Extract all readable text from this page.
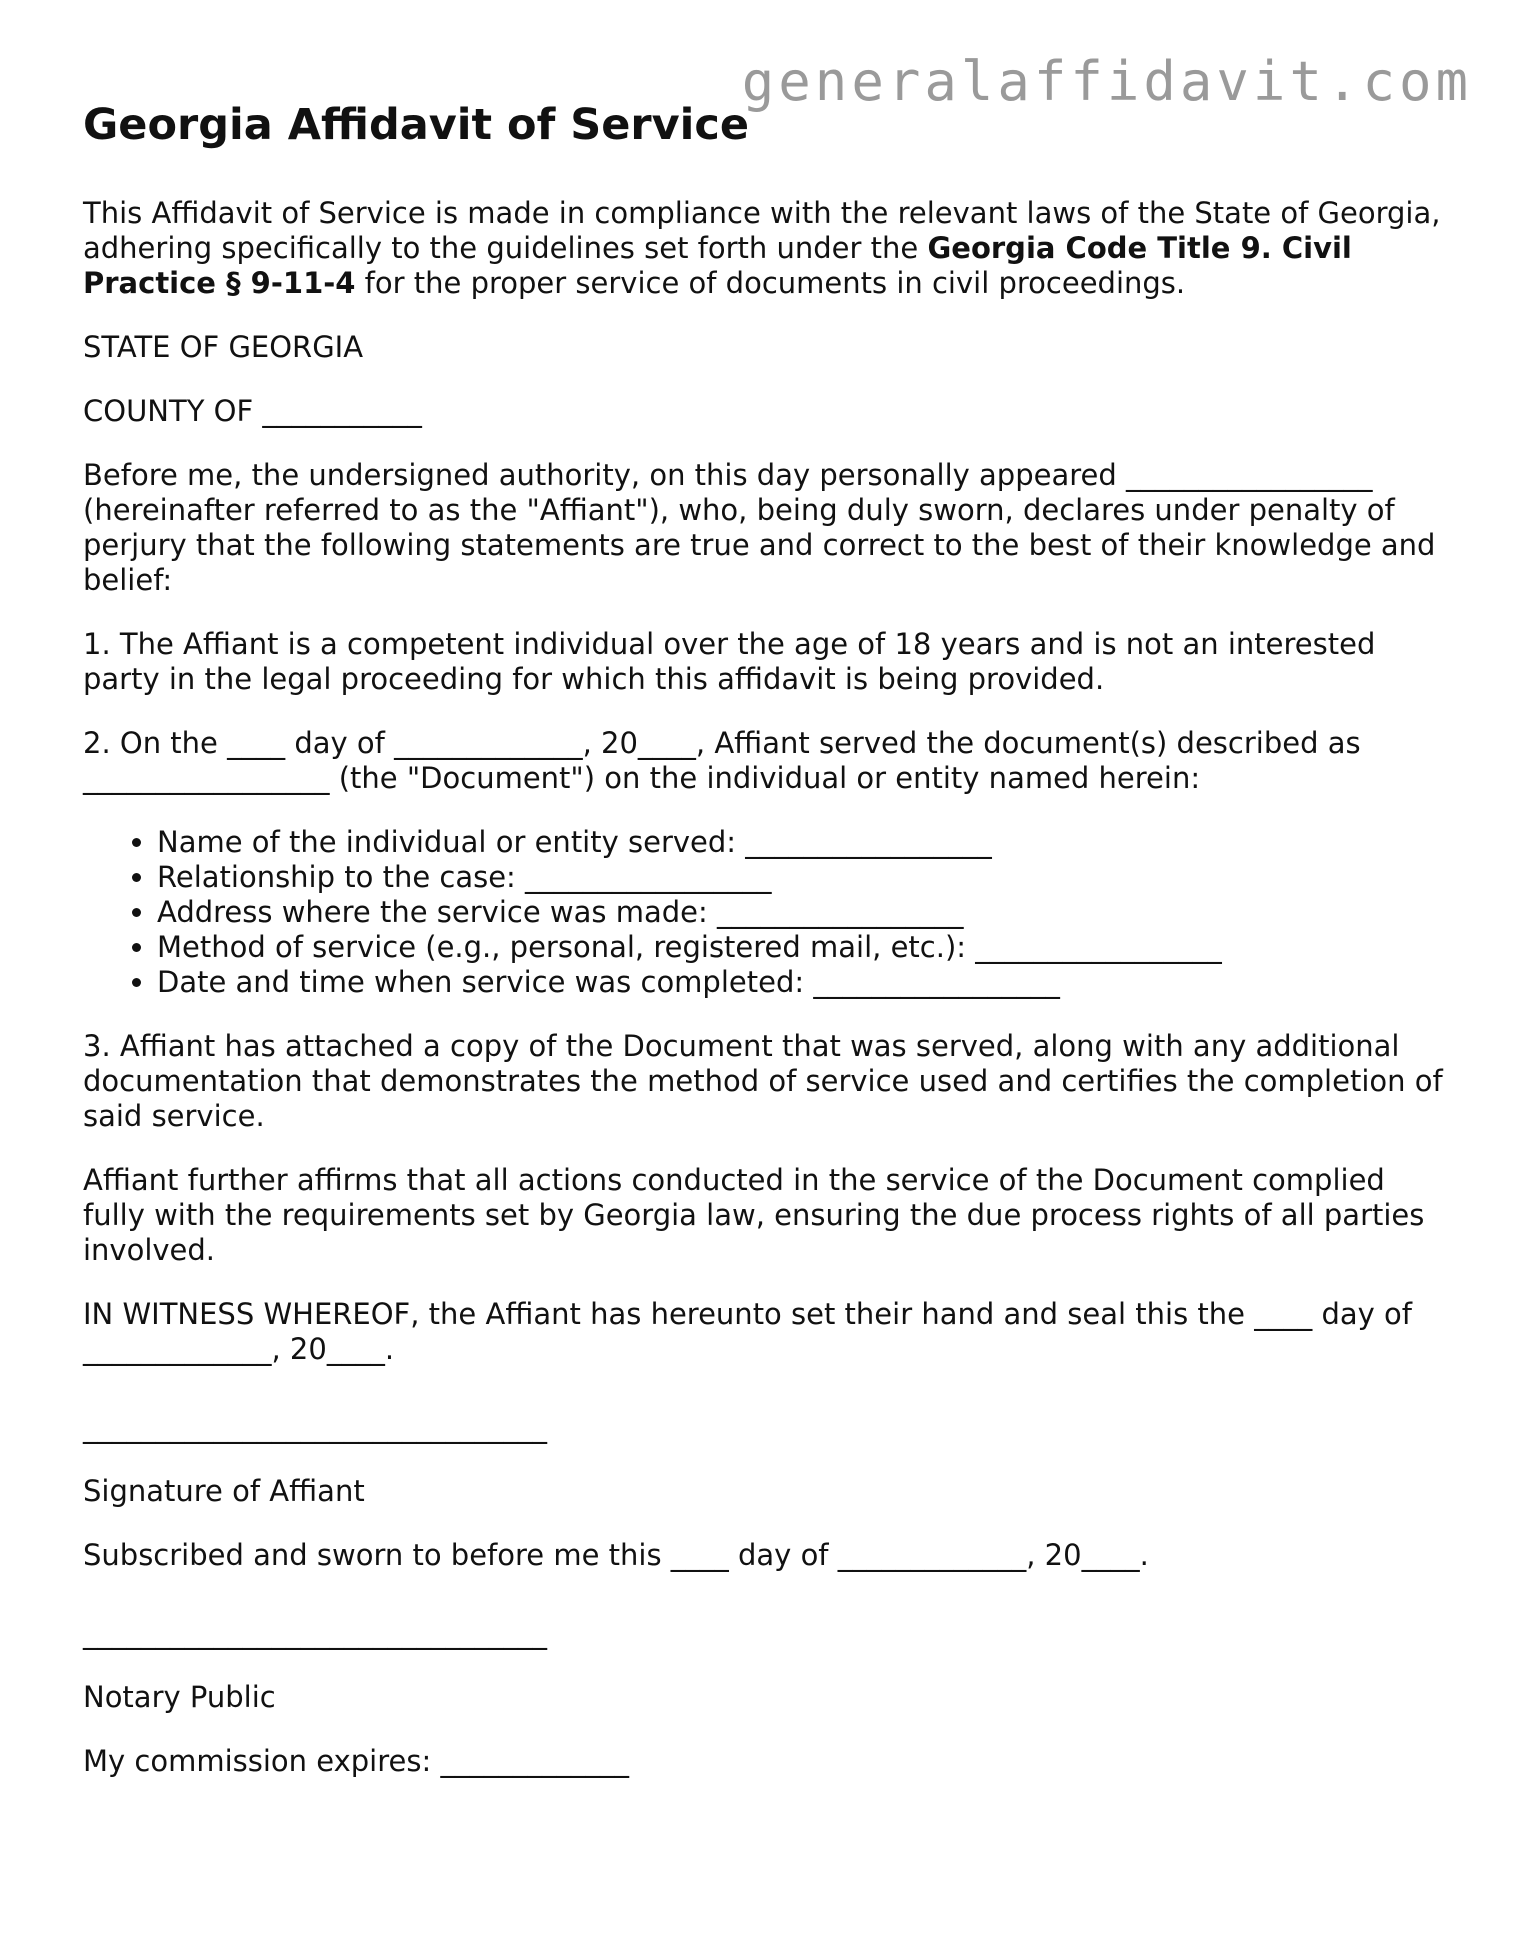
generalaffidavit.com
Georgia Affidavit of Service

This Affidavit of Service is made in compliance with the relevant laws of the State of Georgia, adhering specifically to the guidelines set forth under the Georgia Code Title 9. Civil Practice § 9-11-4 for the proper service of documents in civil proceedings.

STATE OF GEORGIA

COUNTY OF ___________

Before me, the undersigned authority, on this day personally appeared _________________ (hereinafter referred to as the "Affiant"), who, being duly sworn, declares under penalty of perjury that the following statements are true and correct to the best of their knowledge and belief:

1. The Affiant is a competent individual over the age of 18 years and is not an interested party in the legal proceeding for which this affidavit is being provided.

2. On the ____ day of _____________, 20____, Affiant served the document(s) described as _________________ (the "Document") on the individual or entity named herein:

• Name of the individual or entity served: _________________
• Relationship to the case: _________________
• Address where the service was made: _________________
• Method of service (e.g., personal, registered mail, etc.): _________________
• Date and time when service was completed: _________________

3. Affiant has attached a copy of the Document that was served, along with any additional documentation that demonstrates the method of service used and certifies the completion of said service.

Affiant further affirms that all actions conducted in the service of the Document complied fully with the requirements set by Georgia law, ensuring the due process rights of all parties involved.

IN WITNESS WHEREOF, the Affiant has hereunto set their hand and seal this the ____ day of _____________, 20____.

________________________________

Signature of Affiant

Subscribed and sworn to before me this ____ day of _____________, 20____.

________________________________

Notary Public

My commission expires: _____________
